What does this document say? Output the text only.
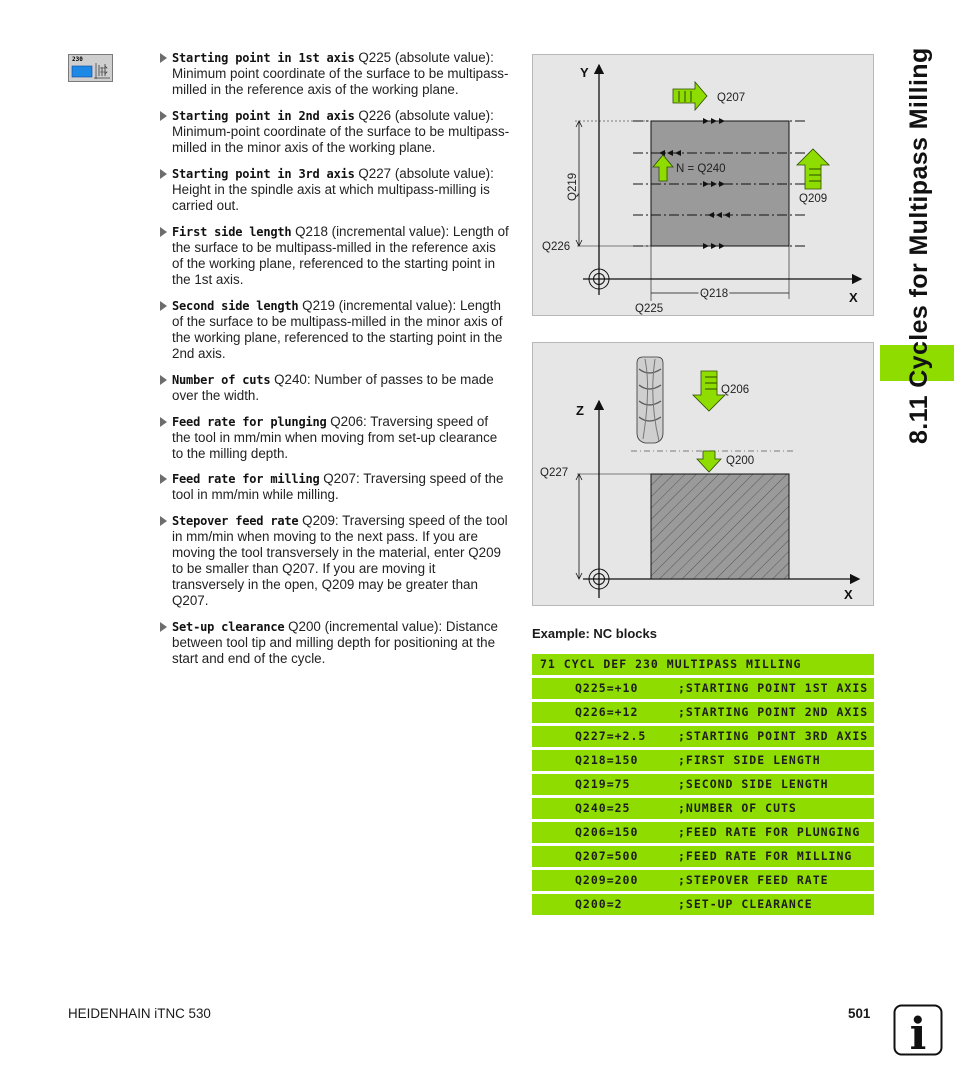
230	Starting point in 1st axis Q225 (absolute value): Minimum point coordinate of the surface to be multipass-milled in the reference axis of the working plane.
Starting point in 2nd axis Q226 (absolute value): Minimum-point coordinate of the surface to be multipass-milled in the minor axis of the working plane.
Starting point in 3rd axis Q227 (absolute value): Height in the spindle axis at which multipass-milling is carried out.
First side length Q218 (incremental value): Length of the surface to be multipass-milled in the reference axis of the working plane, referenced to the starting point in the 1st axis.
Second side length Q219 (incremental value): Length of the surface to be multipass-milled in the minor axis of the working plane, referenced to the starting point in the 2nd axis.
Number of cuts Q240: Number of passes to be made over the width.
Feed rate for plunging Q206: Traversing speed of the tool in mm/min when moving from set-up clearance to the milling depth.
Feed rate for milling Q207: Traversing speed of the tool in mm/min while milling.
Stepover feed rate Q209: Traversing speed of the tool in mm/min when moving to the next pass. If you are moving the tool transversely in the material, enter Q209 to be smaller than Q207. If you are moving it transversely in the open, Q209 may be greater than Q207.
Set-up clearance Q200 (incremental value): Distance between tool tip and milling depth for positioning at the start and end of the cycle.
Y
X
Q207
N = Q240
Q209
Q219
Q226
Q225
Q218
Z
X
Q227
Q206
Q200
Example: NC blocks
71 CYCL DEF 230 MULTIPASS MILLING
Q225=+10	;STARTING POINT 1ST AXIS
Q226=+12	;STARTING POINT 2ND AXIS
Q227=+2.5	;STARTING POINT 3RD AXIS
Q218=150	;FIRST SIDE LENGTH
Q219=75	;SECOND SIDE LENGTH
Q240=25	;NUMBER OF CUTS
Q206=150	;FEED RATE FOR PLUNGING
Q207=500	;FEED RATE FOR MILLING
Q209=200	;STEPOVER FEED RATE
Q200=2	;SET-UP CLEARANCE
8.11 Cycles for Multipass Milling
HEIDENHAIN iTNC 530	501 i
